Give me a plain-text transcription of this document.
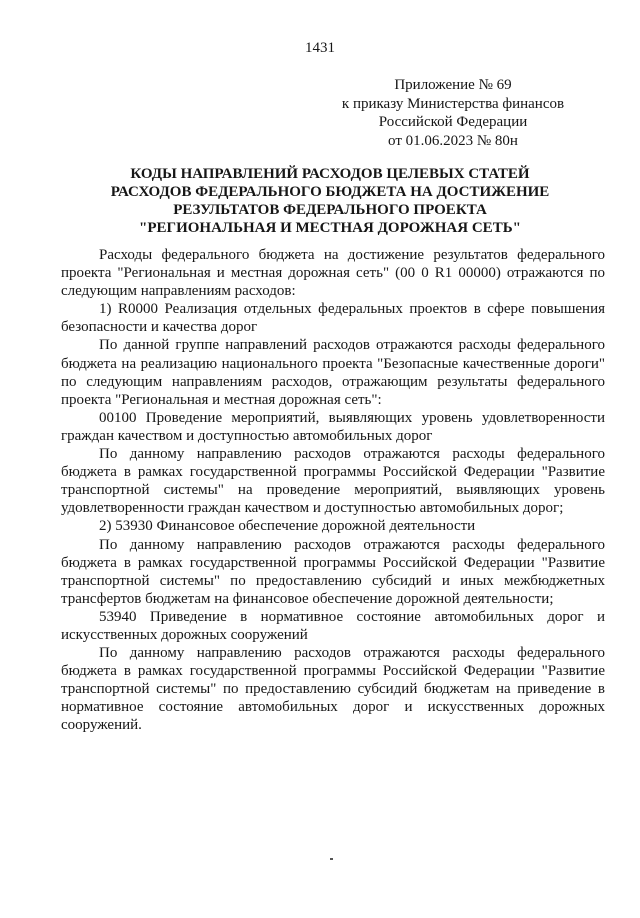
1431
Приложение № 69
к приказу Министерства финансов
Российской Федерации
от 01.06.2023 № 80н
КОДЫ НАПРАВЛЕНИЙ РАСХОДОВ ЦЕЛЕВЫХ СТАТЕЙ
РАСХОДОВ ФЕДЕРАЛЬНОГО БЮДЖЕТА НА ДОСТИЖЕНИЕ
РЕЗУЛЬТАТОВ ФЕДЕРАЛЬНОГО ПРОЕКТА
"РЕГИОНАЛЬНАЯ И МЕСТНАЯ ДОРОЖНАЯ СЕТЬ"

Расходы федерального бюджета на достижение результатов федерального проекта "Региональная и местная дорожная сеть" (00 0 R1 00000) отражаются по следующим направлениям расходов:

1) R0000 Реализация отдельных федеральных проектов в сфере повышения безопасности и качества дорог

По данной группе направлений расходов отражаются расходы федерального бюджета на реализацию национального проекта "Безопасные качественные дороги" по следующим направлениям расходов, отражающим результаты федерального проекта "Региональная и местная дорожная сеть":

00100 Проведение мероприятий, выявляющих уровень удовлетворенности граждан качеством и доступностью автомобильных дорог

По данному направлению расходов отражаются расходы федерального бюджета в рамках государственной программы Российской Федерации "Развитие транспортной системы" на проведение мероприятий, выявляющих уровень удовлетворенности граждан качеством и доступностью автомобильных дорог;

2) 53930 Финансовое обеспечение дорожной деятельности

По данному направлению расходов отражаются расходы федерального бюджета в рамках государственной программы Российской Федерации "Развитие транспортной системы" по предоставлению субсидий и иных межбюджетных трансфертов бюджетам на финансовое обеспечение дорожной деятельности;

53940 Приведение в нормативное состояние автомобильных дорог и искусственных дорожных сооружений

По данному направлению расходов отражаются расходы федерального бюджета в рамках государственной программы Российской Федерации "Развитие транспортной системы" по предоставлению субсидий бюджетам на приведение в нормативное состояние автомобильных дорог и искусственных дорожных сооружений.
